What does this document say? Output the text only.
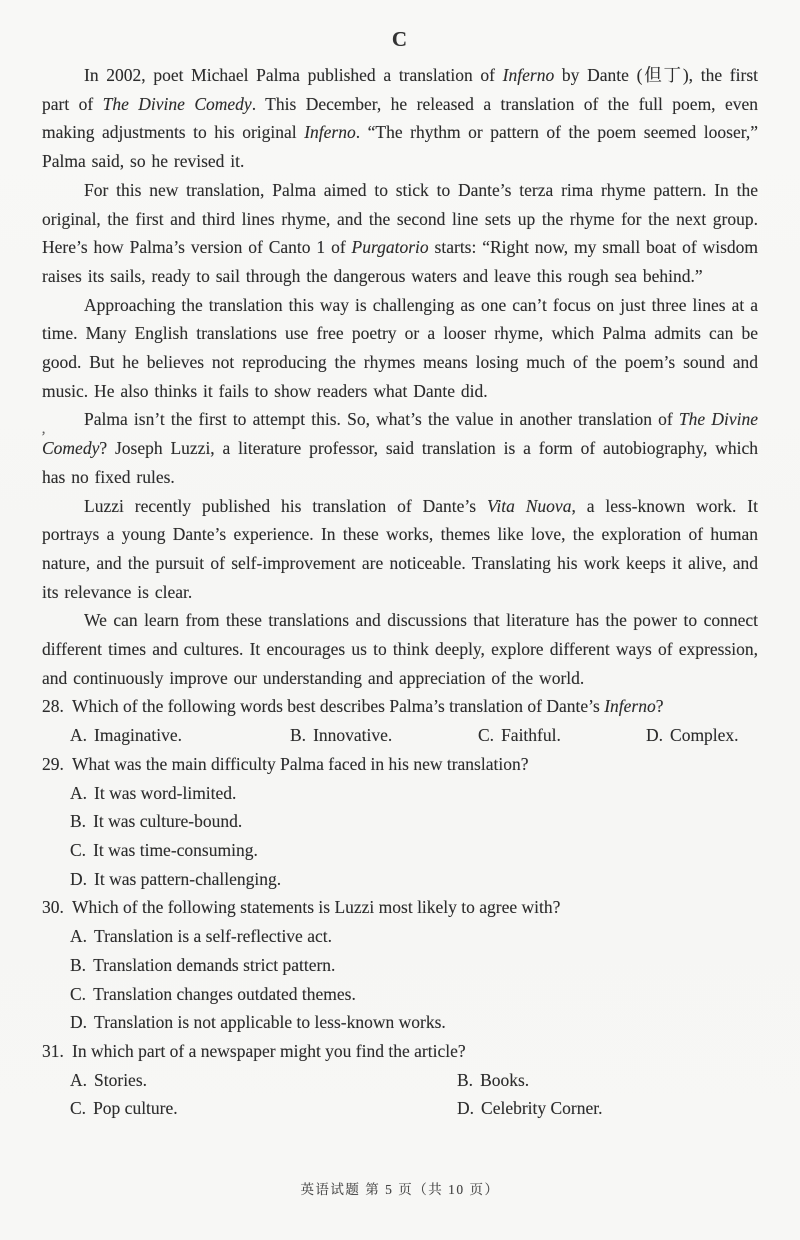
C

In 2002, poet Michael Palma published a translation of Inferno by Dante (但丁), the first part of The Divine Comedy. This December, he released a translation of the full poem, even making adjustments to his original Inferno. “The rhythm or pattern of the poem seemed looser,” Palma said, so he revised it.

For this new translation, Palma aimed to stick to Dante’s terza rima rhyme pattern. In the original, the first and third lines rhyme, and the second line sets up the rhyme for the next group. Here’s how Palma’s version of Canto 1 of Purgatorio starts: “Right now, my small boat of wisdom raises its sails, ready to sail through the dangerous waters and leave this rough sea behind.”

Approaching the translation this way is challenging as one can’t focus on just three lines at a time. Many English translations use free poetry or a looser rhyme, which Palma admits can be good. But he believes not reproducing the rhymes means losing much of the poem’s sound and music. He also thinks it fails to show readers what Dante did.

Palma isn’t the first to attempt this. So, what’s the value in another translation of The Divine Comedy? Joseph Luzzi, a literature professor, said translation is a form of autobiography, which has no fixed rules.

Luzzi recently published his translation of Dante’s Vita Nuova, a less-known work. It portrays a young Dante’s experience. In these works, themes like love, the exploration of human nature, and the pursuit of self-improvement are noticeable. Translating his work keeps it alive, and its relevance is clear.

We can learn from these translations and discussions that literature has the power to connect different times and cultures. It encourages us to think deeply, explore different ways of expression, and continuously improve our understanding and appreciation of the world.

28. Which of the following words best describes Palma’s translation of Dante’s Inferno?

A. Imaginative.	B. Innovative.	C. Faithful.	D. Complex.

29. What was the main difficulty Palma faced in his new translation?

A. It was word-limited.
B. It was culture-bound.
C. It was time-consuming.
D. It was pattern-challenging.

30. Which of the following statements is Luzzi most likely to agree with?

A. Translation is a self-reflective act.
B. Translation demands strict pattern.
C. Translation changes outdated themes.
D. Translation is not applicable to less-known works.

31. In which part of a newspaper might you find the article?

A. Stories.	B. Books.
C. Pop culture.	D. Celebrity Corner.
’
英语试题 第 5 页（共 10 页）
